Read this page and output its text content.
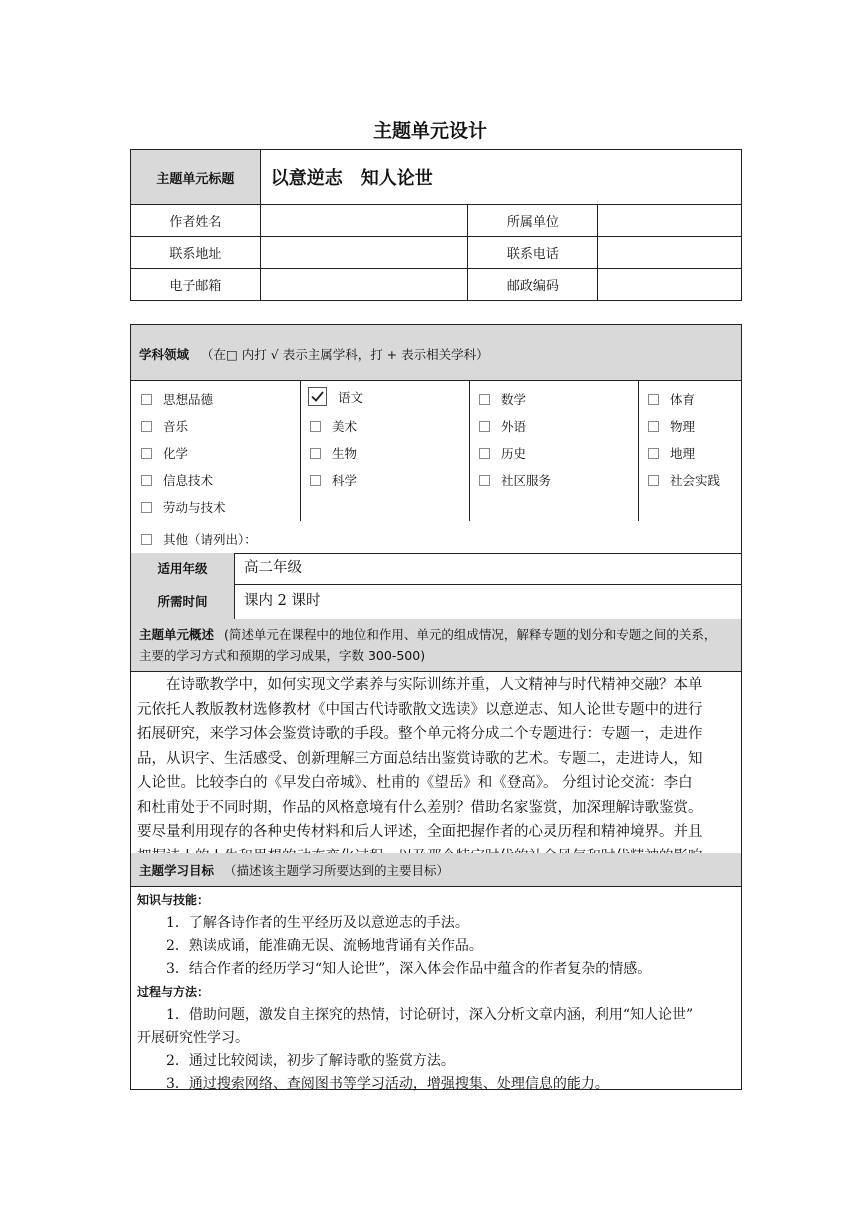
主题单元设计
主题单元标题	以意逆志　知人论世		
作者姓名		所属单位	
联系地址		联系电话	
电子邮箱		邮政编码	
学科领域 （在□ 内打 √ 表示主属学科，打 + 表示相关学科）
思想品德
音乐
化学
信息技术
劳动与技术
语文
美术
生物
科学
数学
外语
历史
社区服务
体育
物理
地理
社会实践
其他（请列出）：
适用年级	高二年级
所需时间	课内 2 课时
主题单元概述 (简述单元在课程中的地位和作用、单元的组成情况，解释专题的划分和专题之间的关系，
主要的学习方式和预期的学习成果，字数 300-500)
在诗歌教学中，如何实现文学素养与实际训练并重，人文精神与时代精神交融？本单
元依托人教版教材选修教材《中国古代诗歌散文选读》以意逆志、知人论世专题中的进行
拓展研究，来学习体会鉴赏诗歌的手段。整个单元将分成二个专题进行：专题一，走进作
品，从识字、生活感受、创新理解三方面总结出鉴赏诗歌的艺术。专题二，走进诗人，知
人论世。比较李白的《早发白帝城》、杜甫的《望岳》和《登高》。 分组讨论交流：李白
和杜甫处于不同时期，作品的风格意境有什么差别？借助名家鉴赏，加深理解诗歌鉴赏。
要尽量利用现存的各种史传材料和后人评述，全面把握作者的心灵历程和精神境界。并且
主题学习目标 （描述该主题学习所要达到的主要目标）
知识与技能：
1．了解各诗作者的生平经历及以意逆志的手法。
2．熟读成诵，能准确无误、流畅地背诵有关作品。
3．结合作者的经历学习“知人论世”，深入体会作品中蕴含的作者复杂的情感。
过程与方法：
1．借助问题，激发自主探究的热情，讨论研讨，深入分析文章内涵，利用“知人论世”
开展研究性学习。
2．通过比较阅读，初步了解诗歌的鉴赏方法。
3．通过搜索网络、查阅图书等学习活动，增强搜集、处理信息的能力。
